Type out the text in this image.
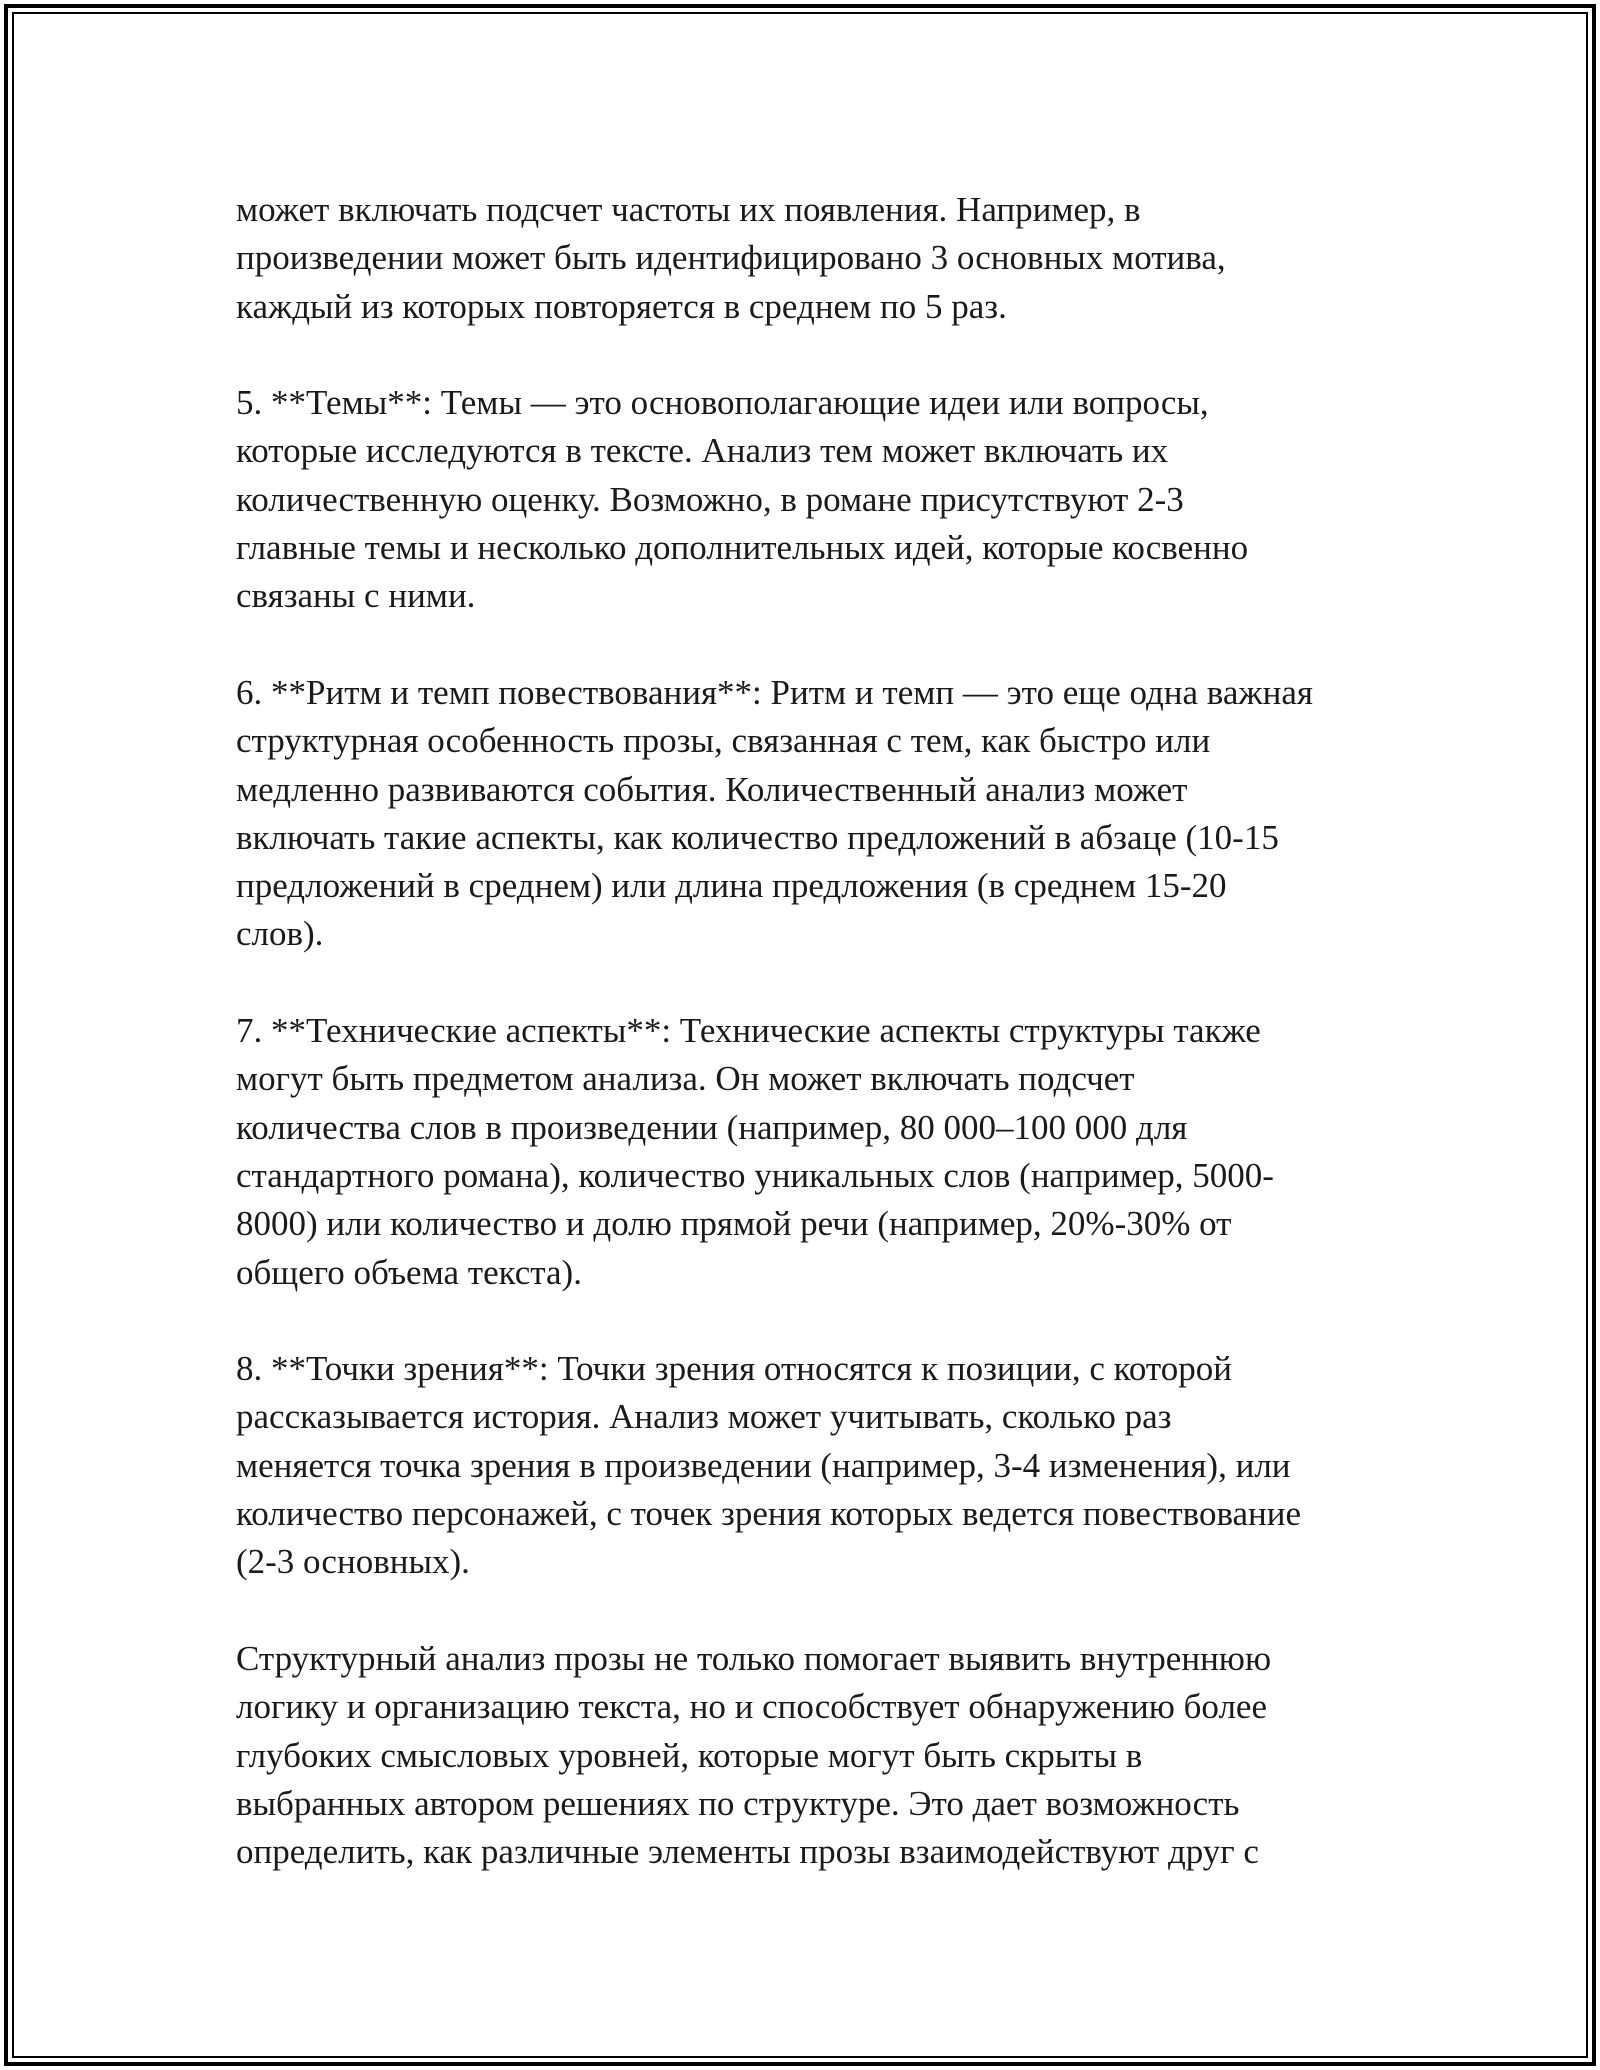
может включать подсчет частоты их появления. Например, в
произведении может быть идентифицировано 3 основных мотива,
каждый из которых повторяется в среднем по 5 раз.

5. **Темы**: Темы — это основополагающие идеи или вопросы,
которые исследуются в тексте. Анализ тем может включать их
количественную оценку. Возможно, в романе присутствуют 2-3
главные темы и несколько дополнительных идей, которые косвенно
связаны с ними.

6. **Ритм и темп повествования**: Ритм и темп — это еще одна важная
структурная особенность прозы, связанная с тем, как быстро или
медленно развиваются события. Количественный анализ может
включать такие аспекты, как количество предложений в абзаце (10-15
предложений в среднем) или длина предложения (в среднем 15-20
слов).

7. **Технические аспекты**: Технические аспекты структуры также
могут быть предметом анализа. Он может включать подсчет
количества слов в произведении (например, 80 000–100 000 для
стандартного романа), количество уникальных слов (например, 5000-
8000) или количество и долю прямой речи (например, 20%-30% от
общего объема текста).

8. **Точки зрения**: Точки зрения относятся к позиции, с которой
рассказывается история. Анализ может учитывать, сколько раз
меняется точка зрения в произведении (например, 3-4 изменения), или
количество персонажей, с точек зрения которых ведется повествование
(2-3 основных).

Структурный анализ прозы не только помогает выявить внутреннюю
логику и организацию текста, но и способствует обнаружению более
глубоких смысловых уровней, которые могут быть скрыты в
выбранных автором решениях по структуре. Это дает возможность
определить, как различные элементы прозы взаимодействуют друг с
